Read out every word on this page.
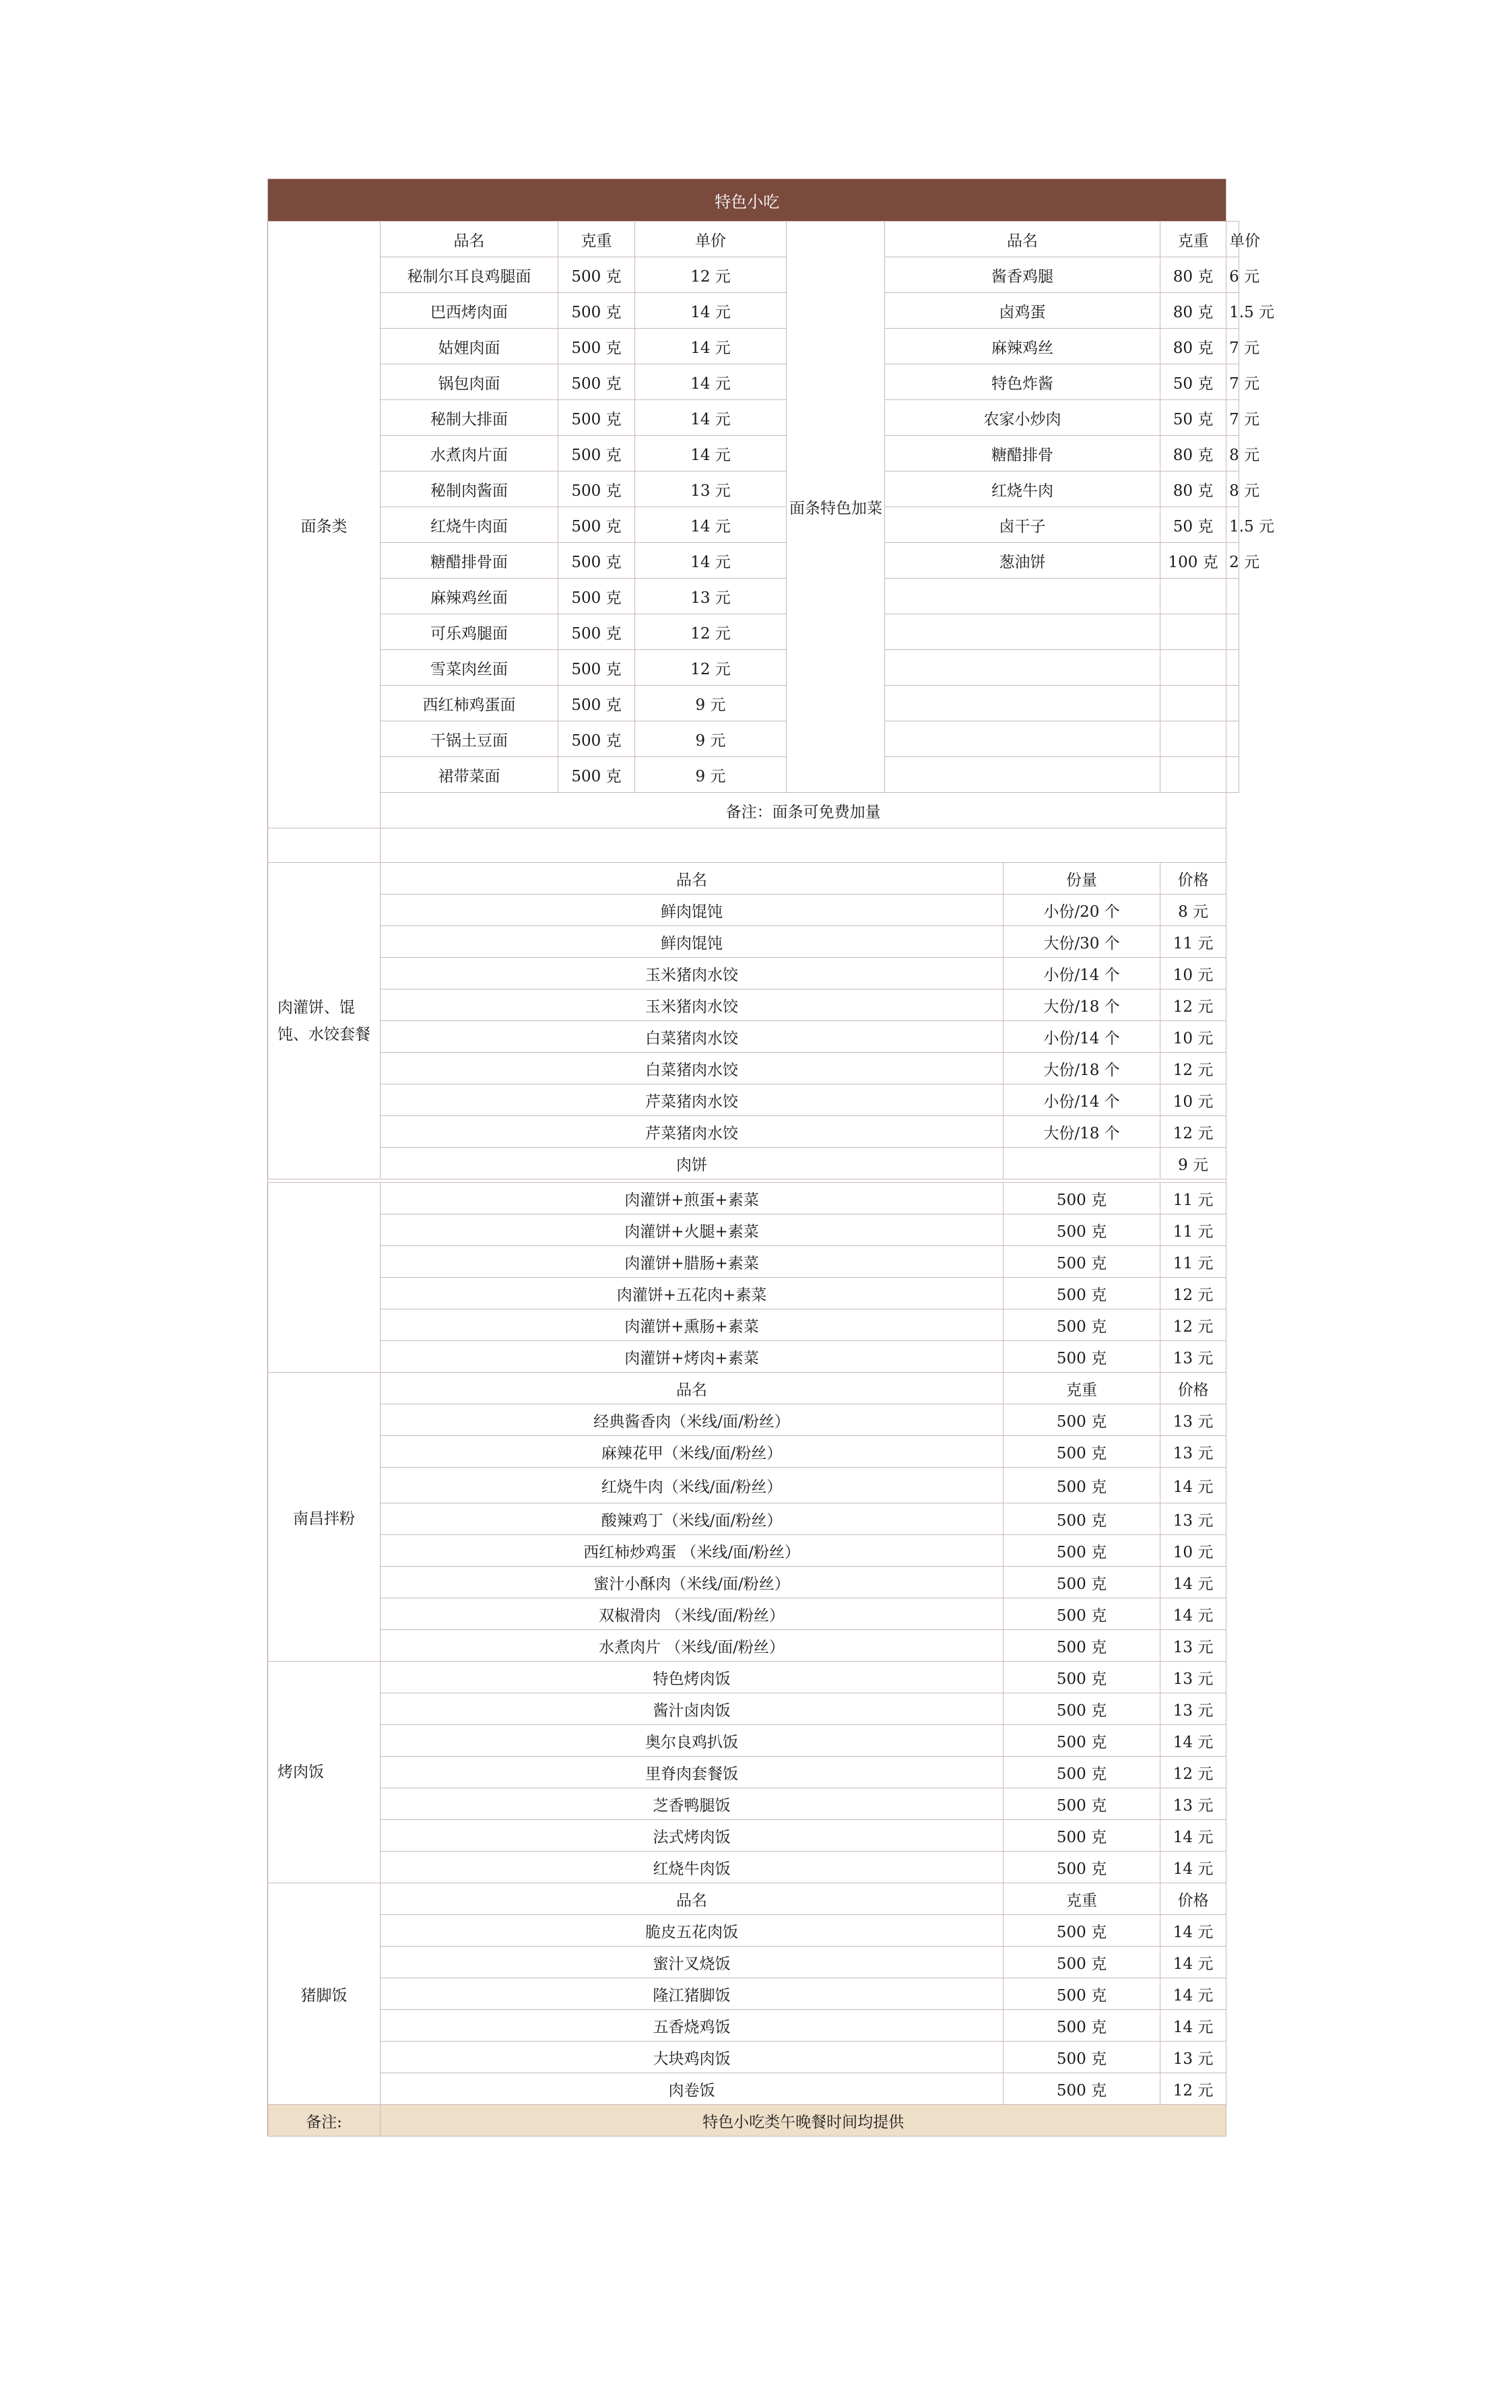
特色小吃								
面条类	品名	克重	单价	面条特色加菜	品名		克重	单价
	秘制尔耳良鸡腿面	500 克	12 元		酱香鸡腿		80 克	6 元
	巴西烤肉面	500 克	14 元		卤鸡蛋		80 克	1.5 元
	姑娌肉面	500 克	14 元		麻辣鸡丝		80 克	7 元
	锅包肉面	500 克	14 元		特色炸酱		50 克	7 元
	秘制大排面	500 克	14 元		农家小炒肉		50 克	7 元
	水煮肉片面	500 克	14 元		糖醋排骨		80 克	8 元
	秘制肉酱面	500 克	13 元		红烧牛肉		80 克	8 元
	红烧牛肉面	500 克	14 元		卤干子		50 克	1.5 元
	糖醋排骨面	500 克	14 元		葱油饼		100 克	2 元
	麻辣鸡丝面	500 克	13 元					
	可乐鸡腿面	500 克	12 元					
	雪菜肉丝面	500 克	12 元					
	西红柿鸡蛋面	500 克	9 元					
	干锅土豆面	500 克	9 元					
	裙带菜面	500 克	9 元					
	备注：面条可免费加量							

肉灌饼、馄饨、水饺套餐	品名					份量	价格	
	鲜肉馄饨					小份/20 个	8 元	
	鲜肉馄饨					大份/30 个	11 元	
	玉米猪肉水饺					小份/14 个	10 元	
	玉米猪肉水饺					大份/18 个	12 元	
	白菜猪肉水饺					小份/14 个	10 元	
	白菜猪肉水饺					大份/18 个	12 元	
	芹菜猪肉水饺					小份/14 个	10 元	
	芹菜猪肉水饺					大份/18 个	12 元	
	肉饼						9 元	

	肉灌饼+煎蛋+素菜					500 克	11 元	
	肉灌饼+火腿+素菜					500 克	11 元	
	肉灌饼+腊肠+素菜					500 克	11 元	
	肉灌饼+五花肉+素菜					500 克	12 元	
	肉灌饼+熏肠+素菜					500 克	12 元	
	肉灌饼+烤肉+素菜					500 克	13 元	
南昌拌粉	品名					克重	价格	
	经典酱香肉（米线/面/粉丝）					500 克	13 元	
	麻辣花甲（米线/面/粉丝）					500 克	13 元	
	红烧牛肉（米线/面/粉丝）					500 克	14 元	
	酸辣鸡丁（米线/面/粉丝）					500 克	13 元	
	西红柿炒鸡蛋 （米线/面/粉丝）					500 克	10 元	
	蜜汁小酥肉（米线/面/粉丝）					500 克	14 元	
	双椒滑肉 （米线/面/粉丝）					500 克	14 元	
	水煮肉片 （米线/面/粉丝）					500 克	13 元	
烤肉饭	特色烤肉饭					500 克	13 元	
	酱汁卤肉饭					500 克	13 元	
	奥尔良鸡扒饭					500 克	14 元	
	里脊肉套餐饭					500 克	12 元	
	芝香鸭腿饭					500 克	13 元	
	法式烤肉饭					500 克	14 元	
	红烧牛肉饭					500 克	14 元	
猪脚饭	品名					克重	价格	
	脆皮五花肉饭					500 克	14 元	
	蜜汁叉烧饭					500 克	14 元	
	隆江猪脚饭					500 克	14 元	
	五香烧鸡饭					500 克	14 元	
	大块鸡肉饭					500 克	13 元	
	肉卷饭					500 克	12 元	
备注:	特色小吃类午晚餐时间均提供							
